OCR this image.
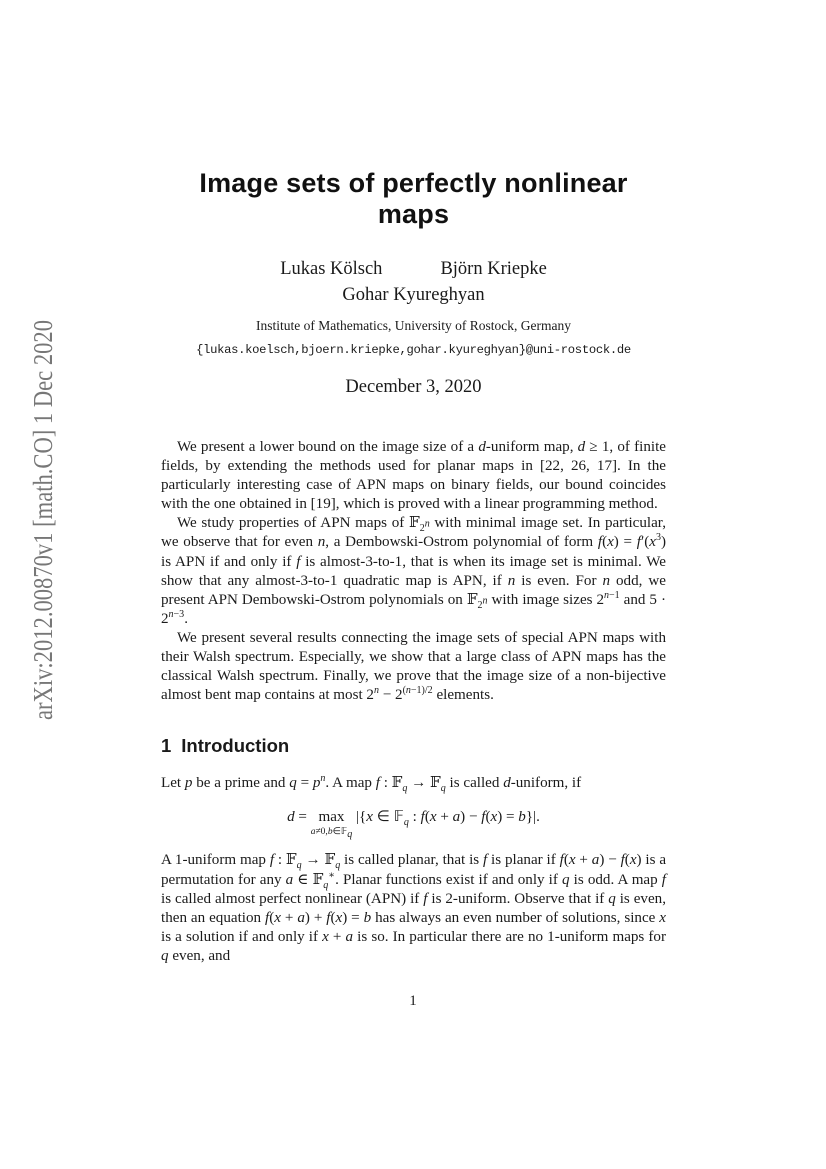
arXiv:2012.00870v1 [math.CO] 1 Dec 2020
Image sets of perfectly nonlinear maps
Lukas Kölsch	Björn Kriepke
Gohar Kyureghyan
Institute of Mathematics, University of Rostock, Germany
{lukas.koelsch,bjoern.kriepke,gohar.kyureghyan}@uni-rostock.de
December 3, 2020

We present a lower bound on the image size of a d-uniform map, d ≥ 1, of finite fields, by extending the methods used for planar maps in [22, 26, 17]. In the particularly interesting case of APN maps on binary fields, our bound coincides with the one obtained in [19], which is proved with a linear programming method.

We study properties of APN maps of 𝔽$_{2^n}$ with minimal image set. In particular, we observe that for even n, a Dembowski-Ostrom polynomial of form $f(x) = f'(x^3)$ is APN if and only if f is almost-3-to-1, that is when its image set is minimal. We show that any almost-3-to-1 quadratic map is APN, if n is even. For n odd, we present APN Dembowski-Ostrom polynomials on 𝔽$_{2^n}$ with image sizes $2^{n-1}$ and $5 \cdot 2^{n-3}$.

We present several results connecting the image sets of special APN maps with their Walsh spectrum. Especially, we show that a large class of APN maps has the classical Walsh spectrum. Finally, we prove that the image size of a non-bijective almost bent map contains at most $2^n - 2^{(n-1)/2}$ elements.

1 Introduction

Let p be a prime and $q = p^n$. A map f : 𝔽$_q$ → 𝔽$_q$ is called d-uniform, if

d = max
a≠0,b∈𝔽$_q$
|{x ∈ 𝔽$_q$ : f(x + a) − f(x) = b}|.

A 1-uniform map f : 𝔽$_q$ → 𝔽$_q$ is called planar, that is f is planar if f(x + a) − f(x) is a permutation for any a ∈ 𝔽$_q$∗. Planar functions exist if and only if q is odd. A map f is called almost perfect nonlinear (APN) if f is 2-uniform. Observe that if q is even, then an equation f(x + a) + f(x) = b has always an even number of solutions, since x is a solution if and only if x + a is so. In particular there are no 1-uniform maps for q even, and

1
